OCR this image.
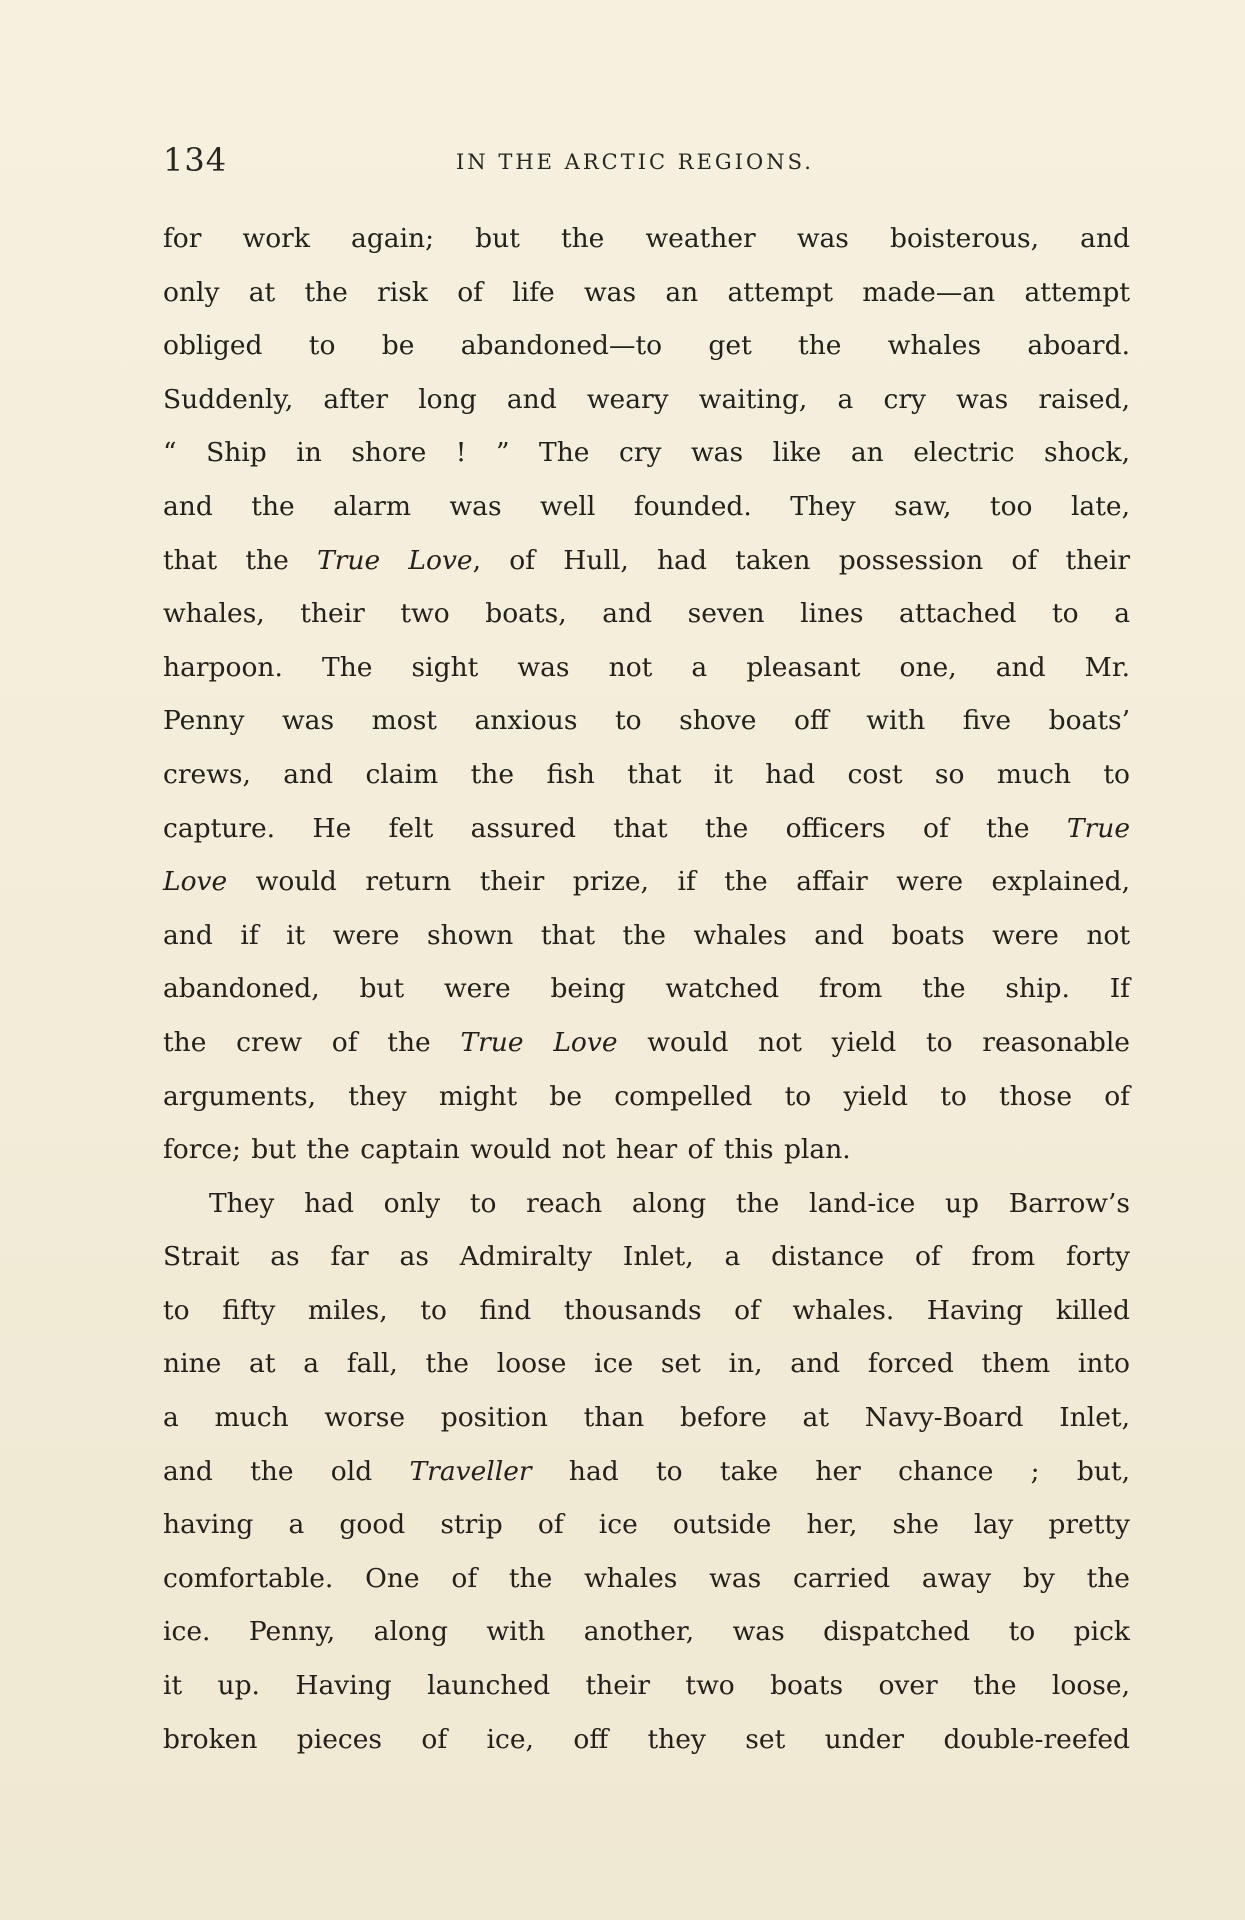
134	IN THE ARCTIC REGIONS.
for work again; but the weather was boisterous, and
only at the risk of life was an attempt made—an attempt
obliged to be abandoned—to get the whales aboard.
Suddenly, after long and weary waiting, a cry was raised,
“ Ship in shore ! ” The cry was like an electric shock,
and the alarm was well founded. They saw, too late,
that the True Love, of Hull, had taken possession of their
whales, their two boats, and seven lines attached to a
harpoon. The sight was not a pleasant one, and Mr.
Penny was most anxious to shove off with five boats’
crews, and claim the fish that it had cost so much to
capture. He felt assured that the officers of the True
Love would return their prize, if the affair were explained,
and if it were shown that the whales and boats were not
abandoned, but were being watched from the ship. If
the crew of the True Love would not yield to reasonable
arguments, they might be compelled to yield to those of
force; but the captain would not hear of this plan.
They had only to reach along the land-ice up Barrow’s
Strait as far as Admiralty Inlet, a distance of from forty
to fifty miles, to find thousands of whales. Having killed
nine at a fall, the loose ice set in, and forced them into
a much worse position than before at Navy-Board Inlet,
and the old Traveller had to take her chance ; but,
having a good strip of ice outside her, she lay pretty
comfortable. One of the whales was carried away by the
ice. Penny, along with another, was dispatched to pick
it up. Having launched their two boats over the loose,
broken pieces of ice, off they set under double-reefed
